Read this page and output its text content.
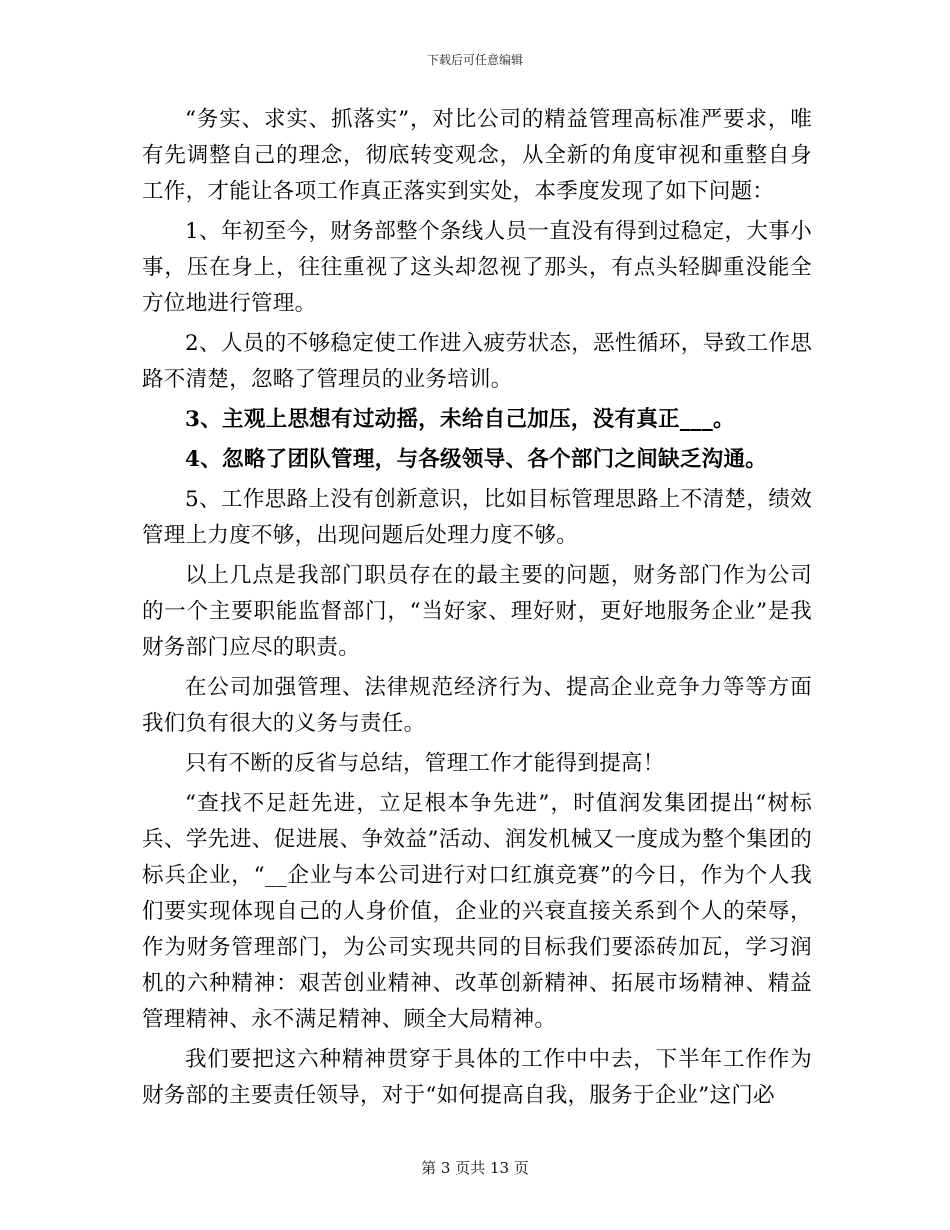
下载后可任意编辑

“务实、求实、抓落实”，对比公司的精益管理高标准严要求，唯有先调整自己的理念，彻底转变观念，从全新的角度审视和重整自身工作，才能让各项工作真正落实到实处，本季度发现了如下问题：

1、年初至今，财务部整个条线人员一直没有得到过稳定，大事小事，压在身上，往往重视了这头却忽视了那头，有点头轻脚重没能全方位地进行管理。

2、人员的不够稳定使工作进入疲劳状态，恶性循环，导致工作思路不清楚，忽略了管理员的业务培训。

3、主观上思想有过动摇，未给自己加压，没有真正___。

4、忽略了团队管理，与各级领导、各个部门之间缺乏沟通。

5、工作思路上没有创新意识，比如目标管理思路上不清楚，绩效管理上力度不够，出现问题后处理力度不够。

以上几点是我部门职员存在的最主要的问题，财务部门作为公司的一个主要职能监督部门，“当好家、理好财，更好地服务企业”是我财务部门应尽的职责。

在公司加强管理、法律规范经济行为、提高企业竞争力等等方面我们负有很大的义务与责任。

只有不断的反省与总结，管理工作才能得到提高！

“查找不足赶先进，立足根本争先进”，时值润发集团提出“树标兵、学先进、促进展、争效益”活动、润发机械又一度成为整个集团的标兵企业，“__企业与本公司进行对口红旗竞赛”的今日，作为个人我们要实现体现自己的人身价值，企业的兴衰直接关系到个人的荣辱，作为财务管理部门，为公司实现共同的目标我们要添砖加瓦，学习润机的六种精神：艰苦创业精神、改革创新精神、拓展市场精神、精益管理精神、永不满足精神、顾全大局精神。

我们要把这六种精神贯穿于具体的工作中中去，下半年工作作为财务部的主要责任领导，对于“如何提高自我，服务于企业”这门必

第 3 页共 13 页
